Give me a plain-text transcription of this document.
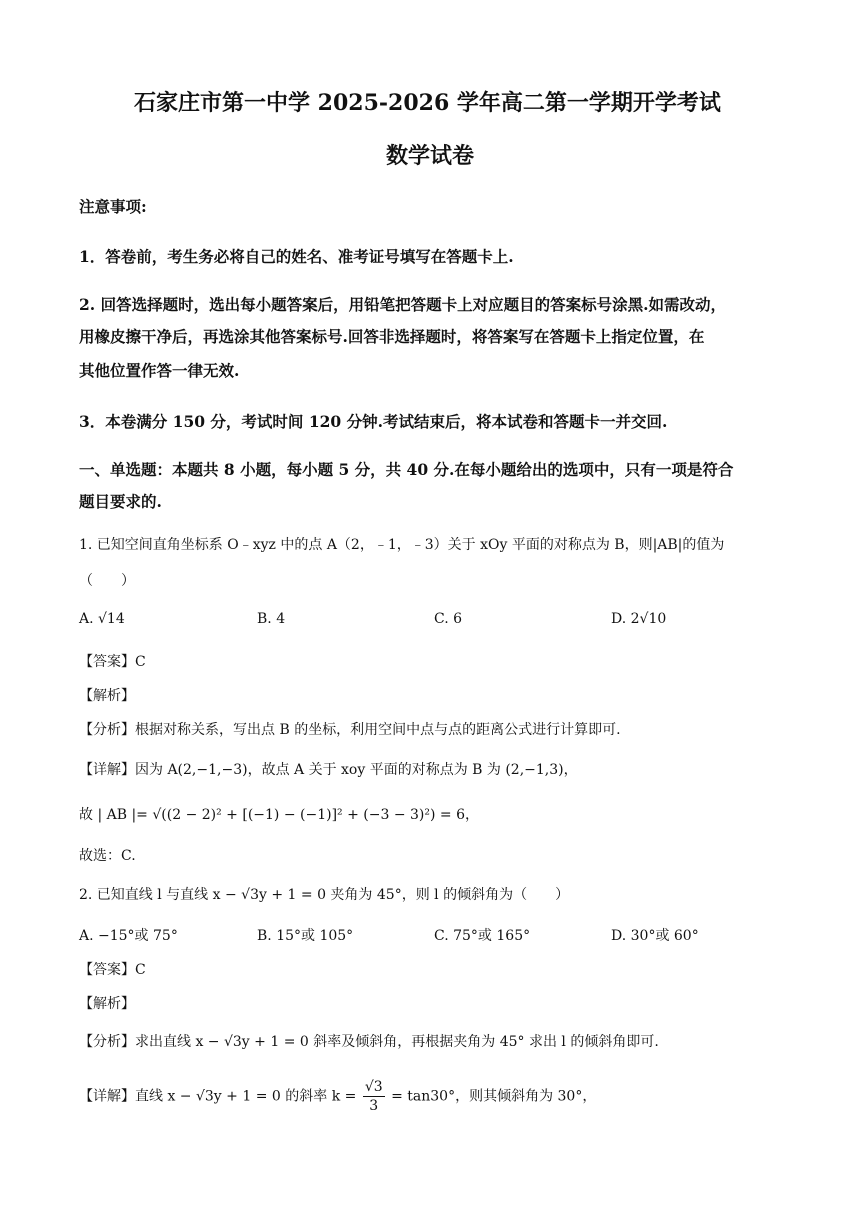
石家庄市第一中学 2025-2026 学年高二第一学期开学考试
数学试卷
注意事项:
1．答卷前，考生务必将自己的姓名、准考证号填写在答题卡上.
2. 回答选择题时，选出每小题答案后，用铅笔把答题卡上对应题目的答案标号涂黑.如需改动，
用橡皮擦干净后，再选涂其他答案标号.回答非选择题时，将答案写在答题卡上指定位置，在
其他位置作答一律无效.
3．本卷满分 150 分，考试时间 120 分钟.考试结束后，将本试卷和答题卡一并交回.
一、单选题：本题共 8 小题，每小题 5 分，共 40 分.在每小题给出的选项中，只有一项是符合
题目要求的.
1. 已知空间直角坐标系 O﹣xyz 中的点 A（2，﹣1，﹣3）关于 xOy 平面的对称点为 B，则|AB|的值为
（　　）
A. √14	B. 4	C. 6	D. 2√10
【答案】C
【解析】
【分析】根据对称关系，写出点 B 的坐标，利用空间中点与点的距离公式进行计算即可.
【详解】因为 A(2,−1,−3)，故点 A 关于 xoy 平面的对称点为 B 为 (2,−1,3)，
故 | AB |= √((2 − 2)² + [(−1) − (−1)]² + (−3 − 3)²) = 6，
故选：C.
2. 已知直线 l 与直线 x − √3y + 1 = 0 夹角为 45°，则 l 的倾斜角为（　　）
A. −15°或 75°	B. 15°或 105°	C. 75°或 165°	D. 30°或 60°
【答案】C
【解析】
【分析】求出直线 x − √3y + 1 = 0 斜率及倾斜角，再根据夹角为 45° 求出 l 的倾斜角即可.
【详解】直线 x − √3y + 1 = 0 的斜率 $k = \frac{√3}{3} = \tan 30^\circ$，则其倾斜角为 30°，
